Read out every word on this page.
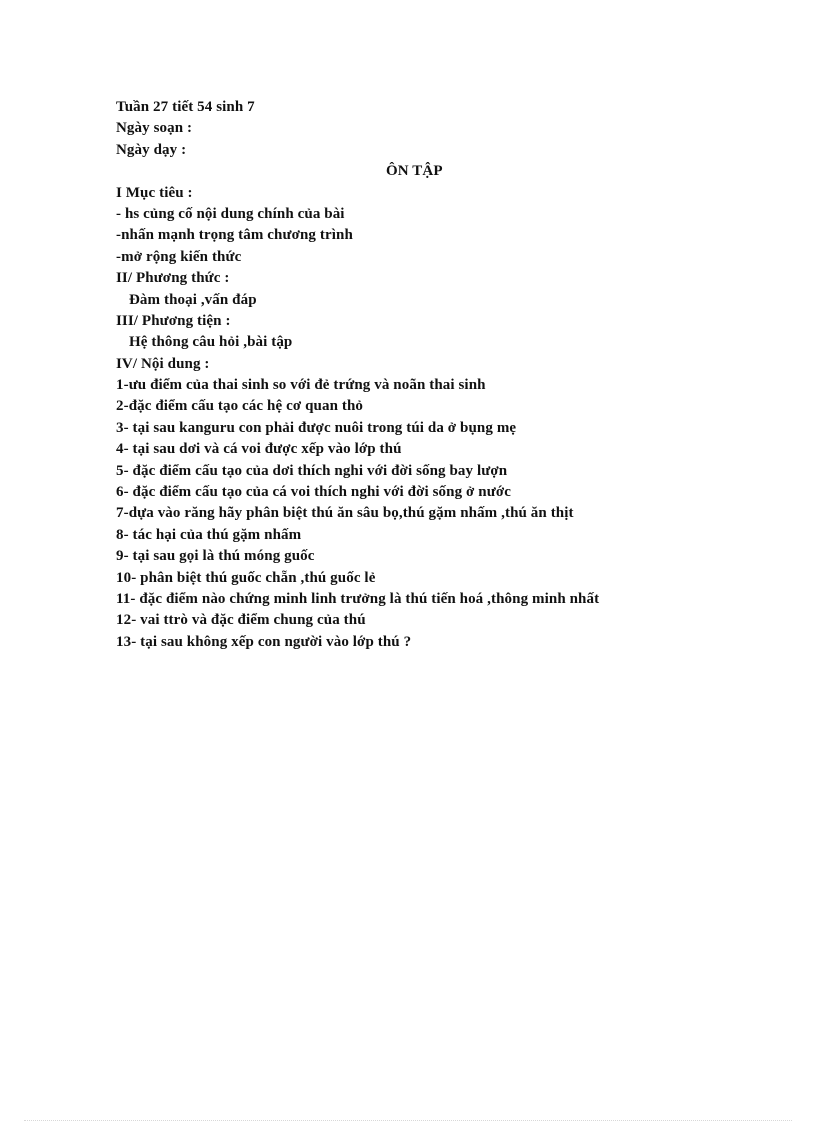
Tuần 27 tiết 54 sinh 7
Ngày soạn :
Ngày dạy :
ÔN TẬP
I Mục tiêu :
- hs củng cố nội dung chính của bài
-nhấn mạnh trọng tâm chương trình
-mở rộng kiến thức
II/ Phương thức :
Đàm thoại ,vấn đáp
III/ Phương tiện :
Hệ thông câu hỏi ,bài tập
IV/ Nội dung :
1-ưu điểm của thai sinh so với đẻ trứng và noãn thai sinh
2-đặc điểm cấu tạo các hệ cơ quan thỏ
3- tại sau kanguru con phải được nuôi trong túi da ở bụng mẹ
4- tại sau dơi và cá voi được xếp vào lớp thú
5- đặc điểm cấu tạo của dơi thích nghi với đời sống bay lượn
6- đặc điểm cấu tạo của cá voi thích nghi với đời sống ở nước
7-dựa vào răng hãy phân biệt thú ăn sâu bọ,thú gặm nhấm ,thú ăn thịt
8- tác hại của thú gặm nhấm
9- tại sau gọi là thú móng guốc
10- phân biệt thú guốc chẵn ,thú guốc lẻ
11- đặc điểm nào chứng minh linh trưởng là thú tiến hoá ,thông minh nhất
12- vai ttrò và đặc điểm chung của thú
13- tại sau không xếp con người vào lớp thú ?
